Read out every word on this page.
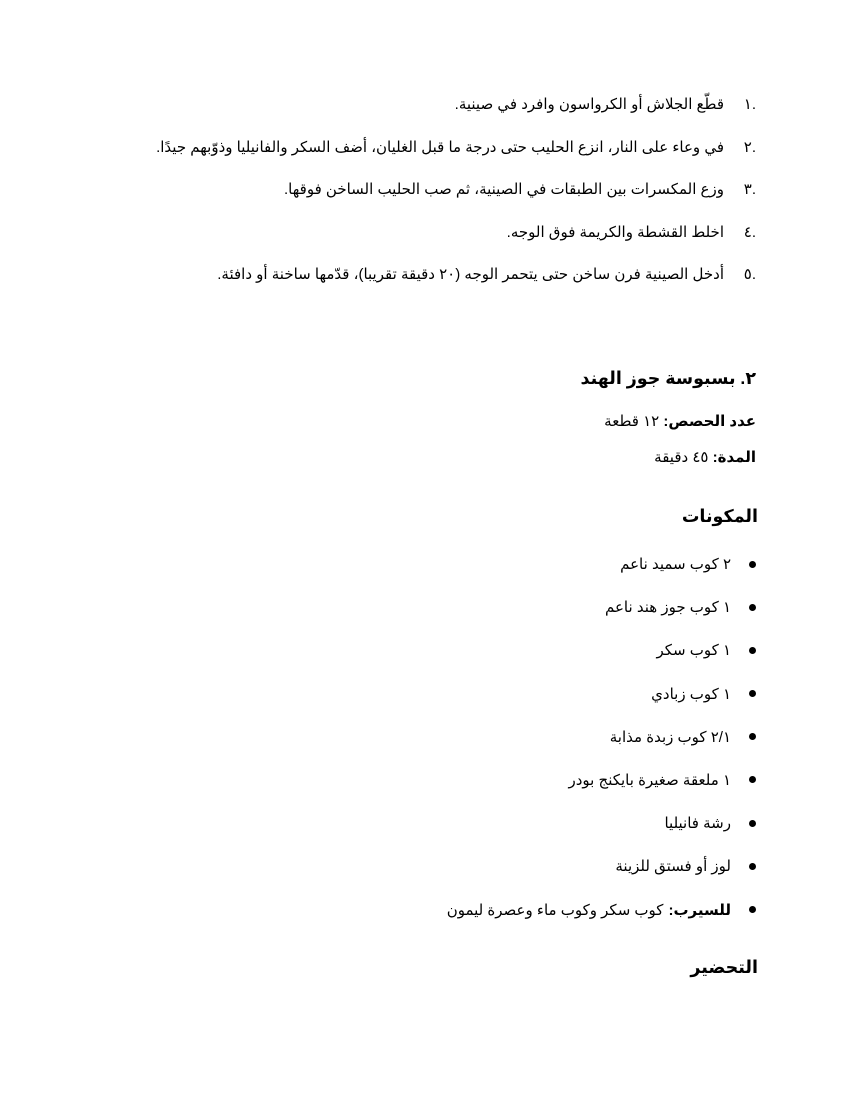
.١
قطّع الجلاش أو الكرواسون وافرد في صينية.
.٢
في وعاء على النار، انزع الحليب حتى درجة ما قبل الغليان، أضف السكر والفانيليا وذوّبهم جيدًا.
.٣
وزع المكسرات بين الطبقات في الصينية، ثم صب الحليب الساخن فوقها.
.٤
اخلط القشطة والكريمة فوق الوجه.
.٥
أدخل الصينية فرن ساخن حتى يتحمر الوجه (٢٠ دقيقة تقريبا)، قدّمها ساخنة أو دافئة.
٢. بسبوسة جوز الهند
عدد الحصص: ١٢ قطعة
المدة: ٤٥ دقيقة
المكونات
٢ كوب سميد ناعم
١ كوب جوز هند ناعم
١ كوب سكر
١ كوب زبادي
٢/١ كوب زبدة مذابة
١ ملعقة صغيرة بايكنج بودر
رشة فانيليا
لوز أو فستق للزينة
للسيرب:
كوب سكر وكوب ماء وعصرة ليمون
التحضير
